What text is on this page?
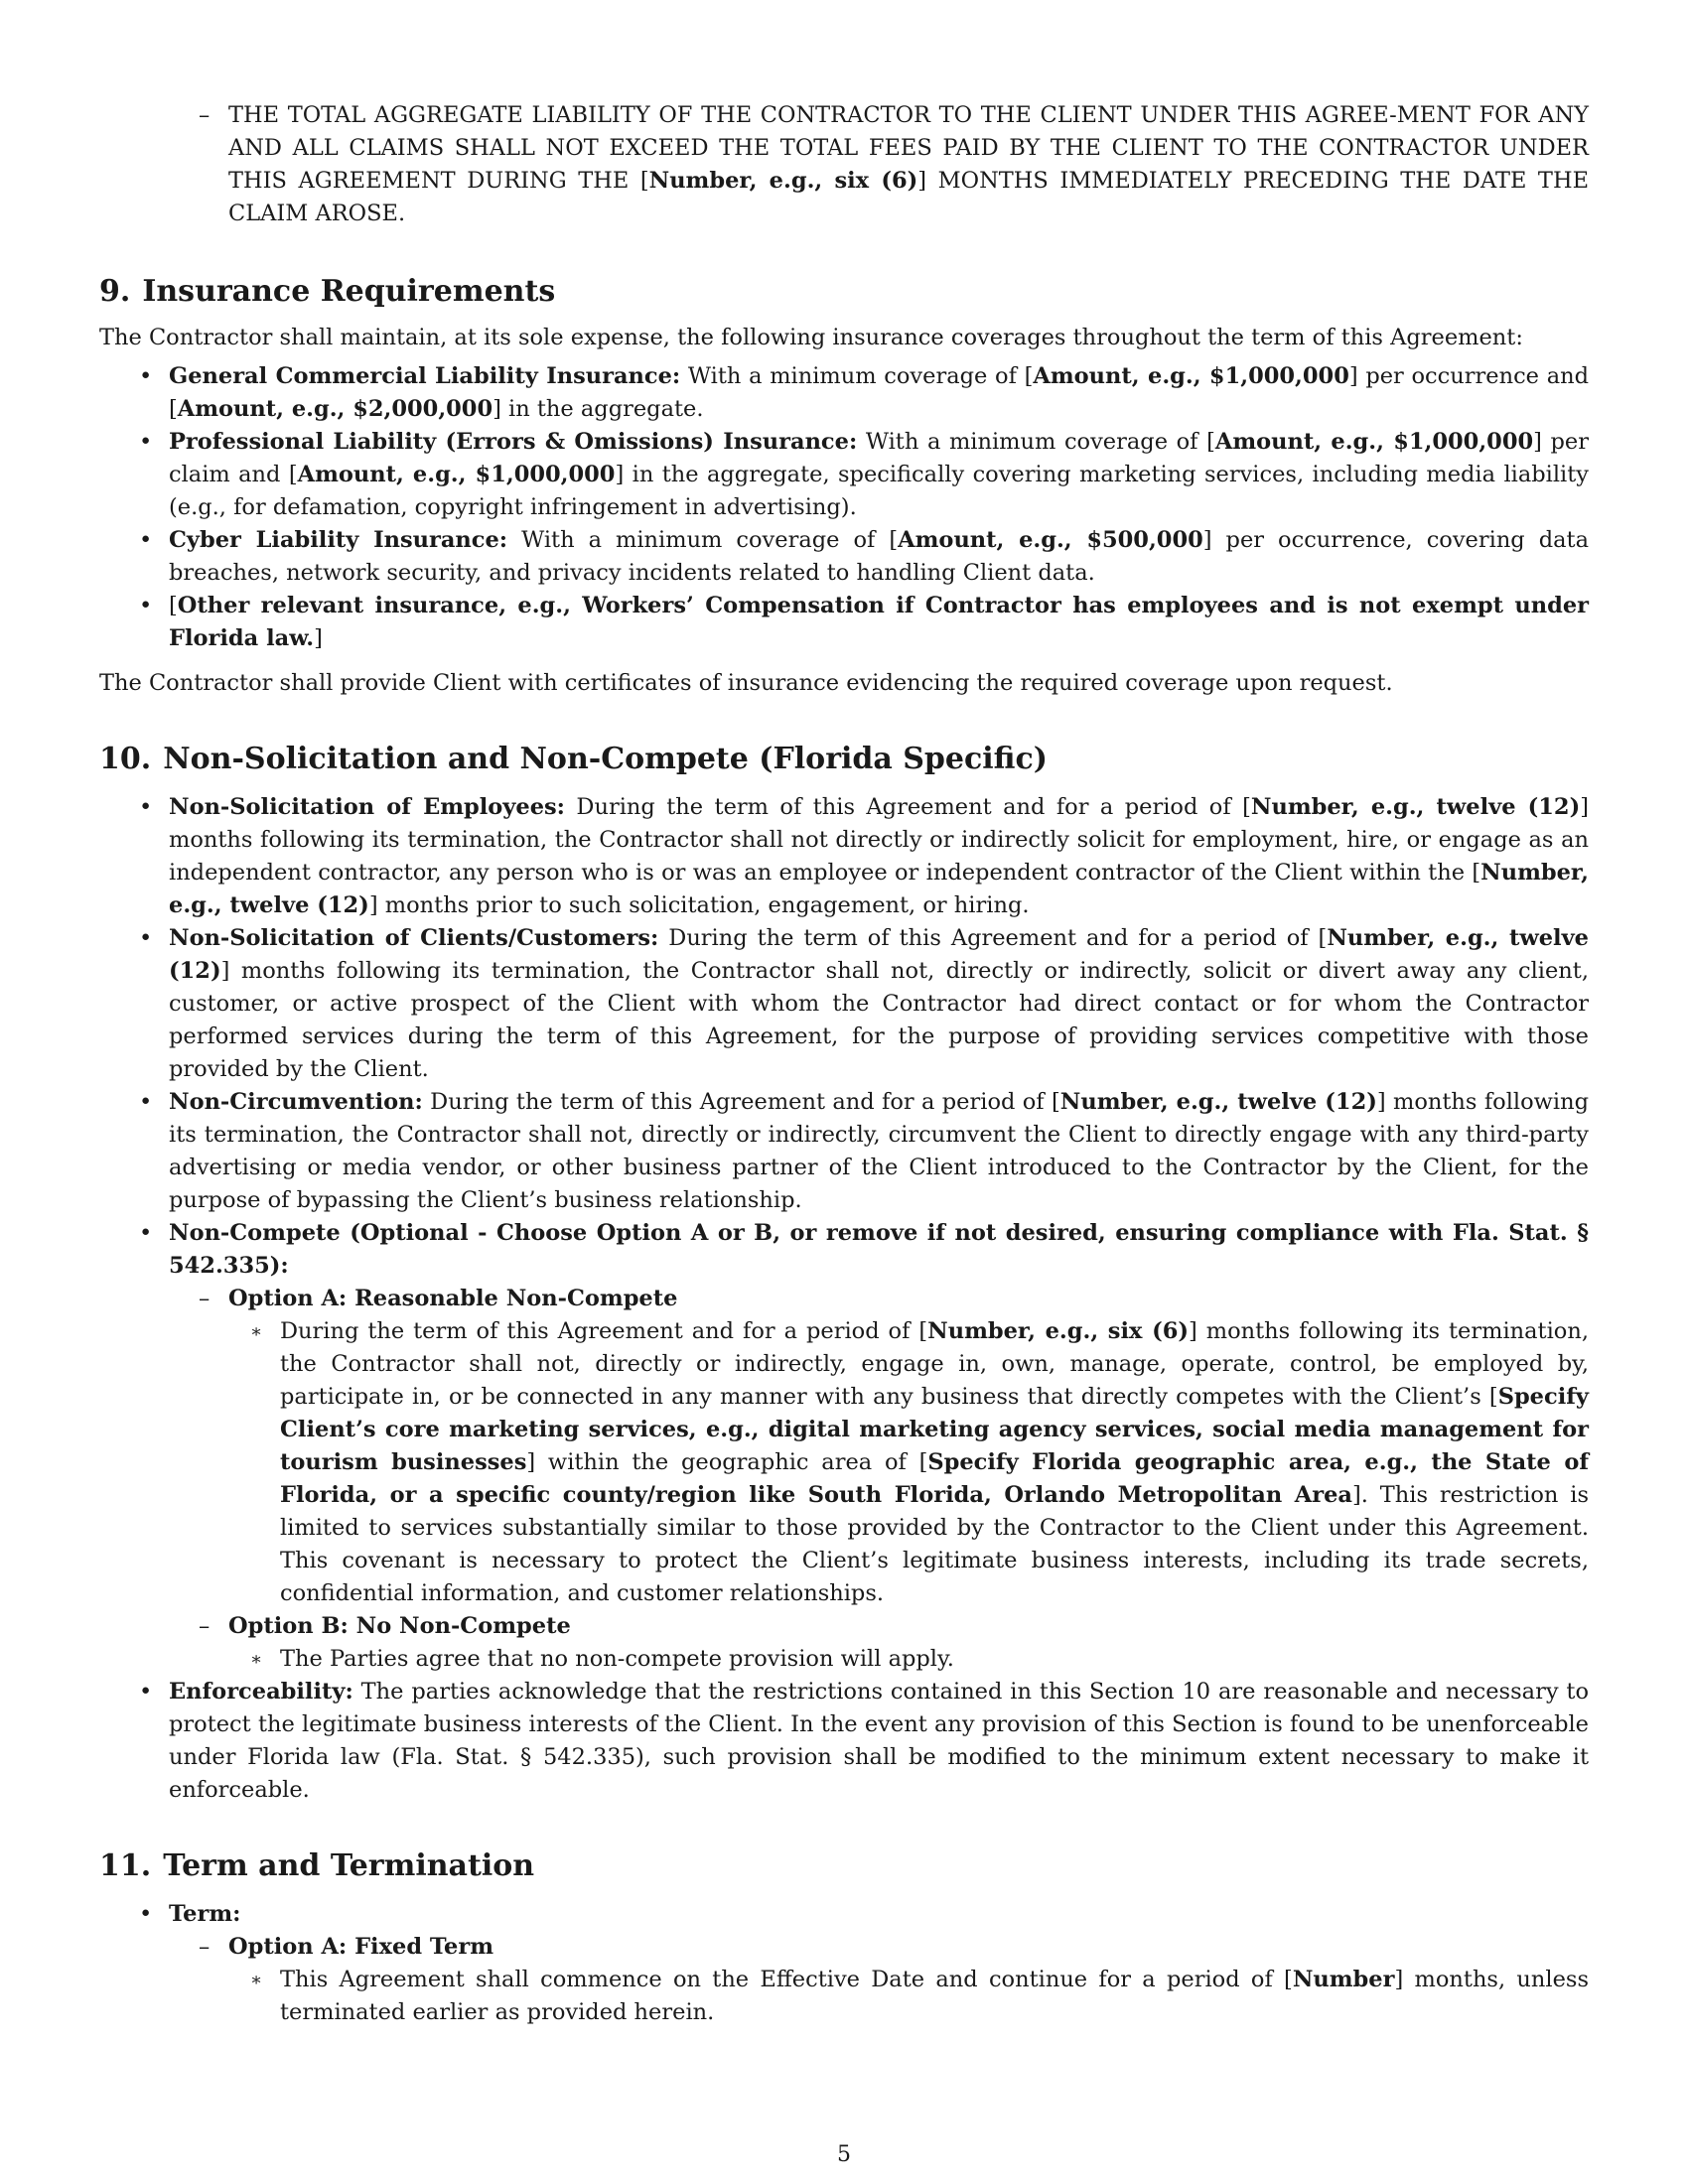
– THE TOTAL AGGREGATE LIABILITY OF THE CONTRACTOR TO THE CLIENT UNDER THIS AGREE-MENT FOR ANY AND ALL CLAIMS SHALL NOT EXCEED THE TOTAL FEES PAID BY THE CLIENT TO THE CONTRACTOR UNDER THIS AGREEMENT DURING THE [Number, e.g., six (6)] MONTHS IMMEDIATELY PRECEDING THE DATE THE CLAIM AROSE.
9. Insurance Requirements

The Contractor shall maintain, at its sole expense, the following insurance coverages throughout the term of this Agreement:

• General Commercial Liability Insurance: With a minimum coverage of [Amount, e.g., $1,000,000] per occurrence and [Amount, e.g., $2,000,000] in the aggregate.
• Professional Liability (Errors & Omissions) Insurance: With a minimum coverage of [Amount, e.g., $1,000,000] per claim and [Amount, e.g., $1,000,000] in the aggregate, specifically covering marketing services, including media liability (e.g., for defamation, copyright infringement in advertising).
• Cyber Liability Insurance: With a minimum coverage of [Amount, e.g., $500,000] per occurrence, covering data breaches, network security, and privacy incidents related to handling Client data.
• [Other relevant insurance, e.g., Workers’ Compensation if Contractor has employees and is not exempt under Florida law.]

The Contractor shall provide Client with certificates of insurance evidencing the required coverage upon request.

10. Non-Solicitation and Non-Compete (Florida Specific)
• Non-Solicitation of Employees: During the term of this Agreement and for a period of [Number, e.g., twelve (12)] months following its termination, the Contractor shall not directly or indirectly solicit for employment, hire, or engage as an independent contractor, any person who is or was an employee or independent contractor of the Client within the [Number, e.g., twelve (12)] months prior to such solicitation, engagement, or hiring.
• Non-Solicitation of Clients/Customers: During the term of this Agreement and for a period of [Number, e.g., twelve (12)] months following its termination, the Contractor shall not, directly or indirectly, solicit or divert away any client, customer, or active prospect of the Client with whom the Contractor had direct contact or for whom the Contractor performed services during the term of this Agreement, for the purpose of providing services competitive with those provided by the Client.
• Non-Circumvention: During the term of this Agreement and for a period of [Number, e.g., twelve (12)] months following its termination, the Contractor shall not, directly or indirectly, circumvent the Client to directly engage with any third-party advertising or media vendor, or other business partner of the Client introduced to the Contractor by the Client, for the purpose of bypassing the Client’s business relationship.
• Non-Compete (Optional - Choose Option A or B, or remove if not desired, ensuring compliance with Fla. Stat. § 542.335):
– Option A: Reasonable Non-Compete
∗ During the term of this Agreement and for a period of [Number, e.g., six (6)] months following its termination, the Contractor shall not, directly or indirectly, engage in, own, manage, operate, control, be employed by, participate in, or be connected in any manner with any business that directly competes with the Client’s [Specify Client’s core marketing services, e.g., digital marketing agency services, social media management for tourism businesses] within the geographic area of [Specify Florida geographic area, e.g., the State of Florida, or a specific county/region like South Florida, Orlando Metropolitan Area]. This restriction is limited to services substantially similar to those provided by the Contractor to the Client under this Agreement. This covenant is necessary to protect the Client’s legitimate business interests, including its trade secrets, confidential information, and customer relationships.
– Option B: No Non-Compete
∗ The Parties agree that no non-compete provision will apply.
• Enforceability: The parties acknowledge that the restrictions contained in this Section 10 are reasonable and necessary to protect the legitimate business interests of the Client. In the event any provision of this Section is found to be unenforceable under Florida law (Fla. Stat. § 542.335), such provision shall be modified to the minimum extent necessary to make it enforceable.
11. Term and Termination
• Term:
– Option A: Fixed Term
∗ This Agreement shall commence on the Effective Date and continue for a period of [Number] months, unless terminated earlier as provided herein.
5
